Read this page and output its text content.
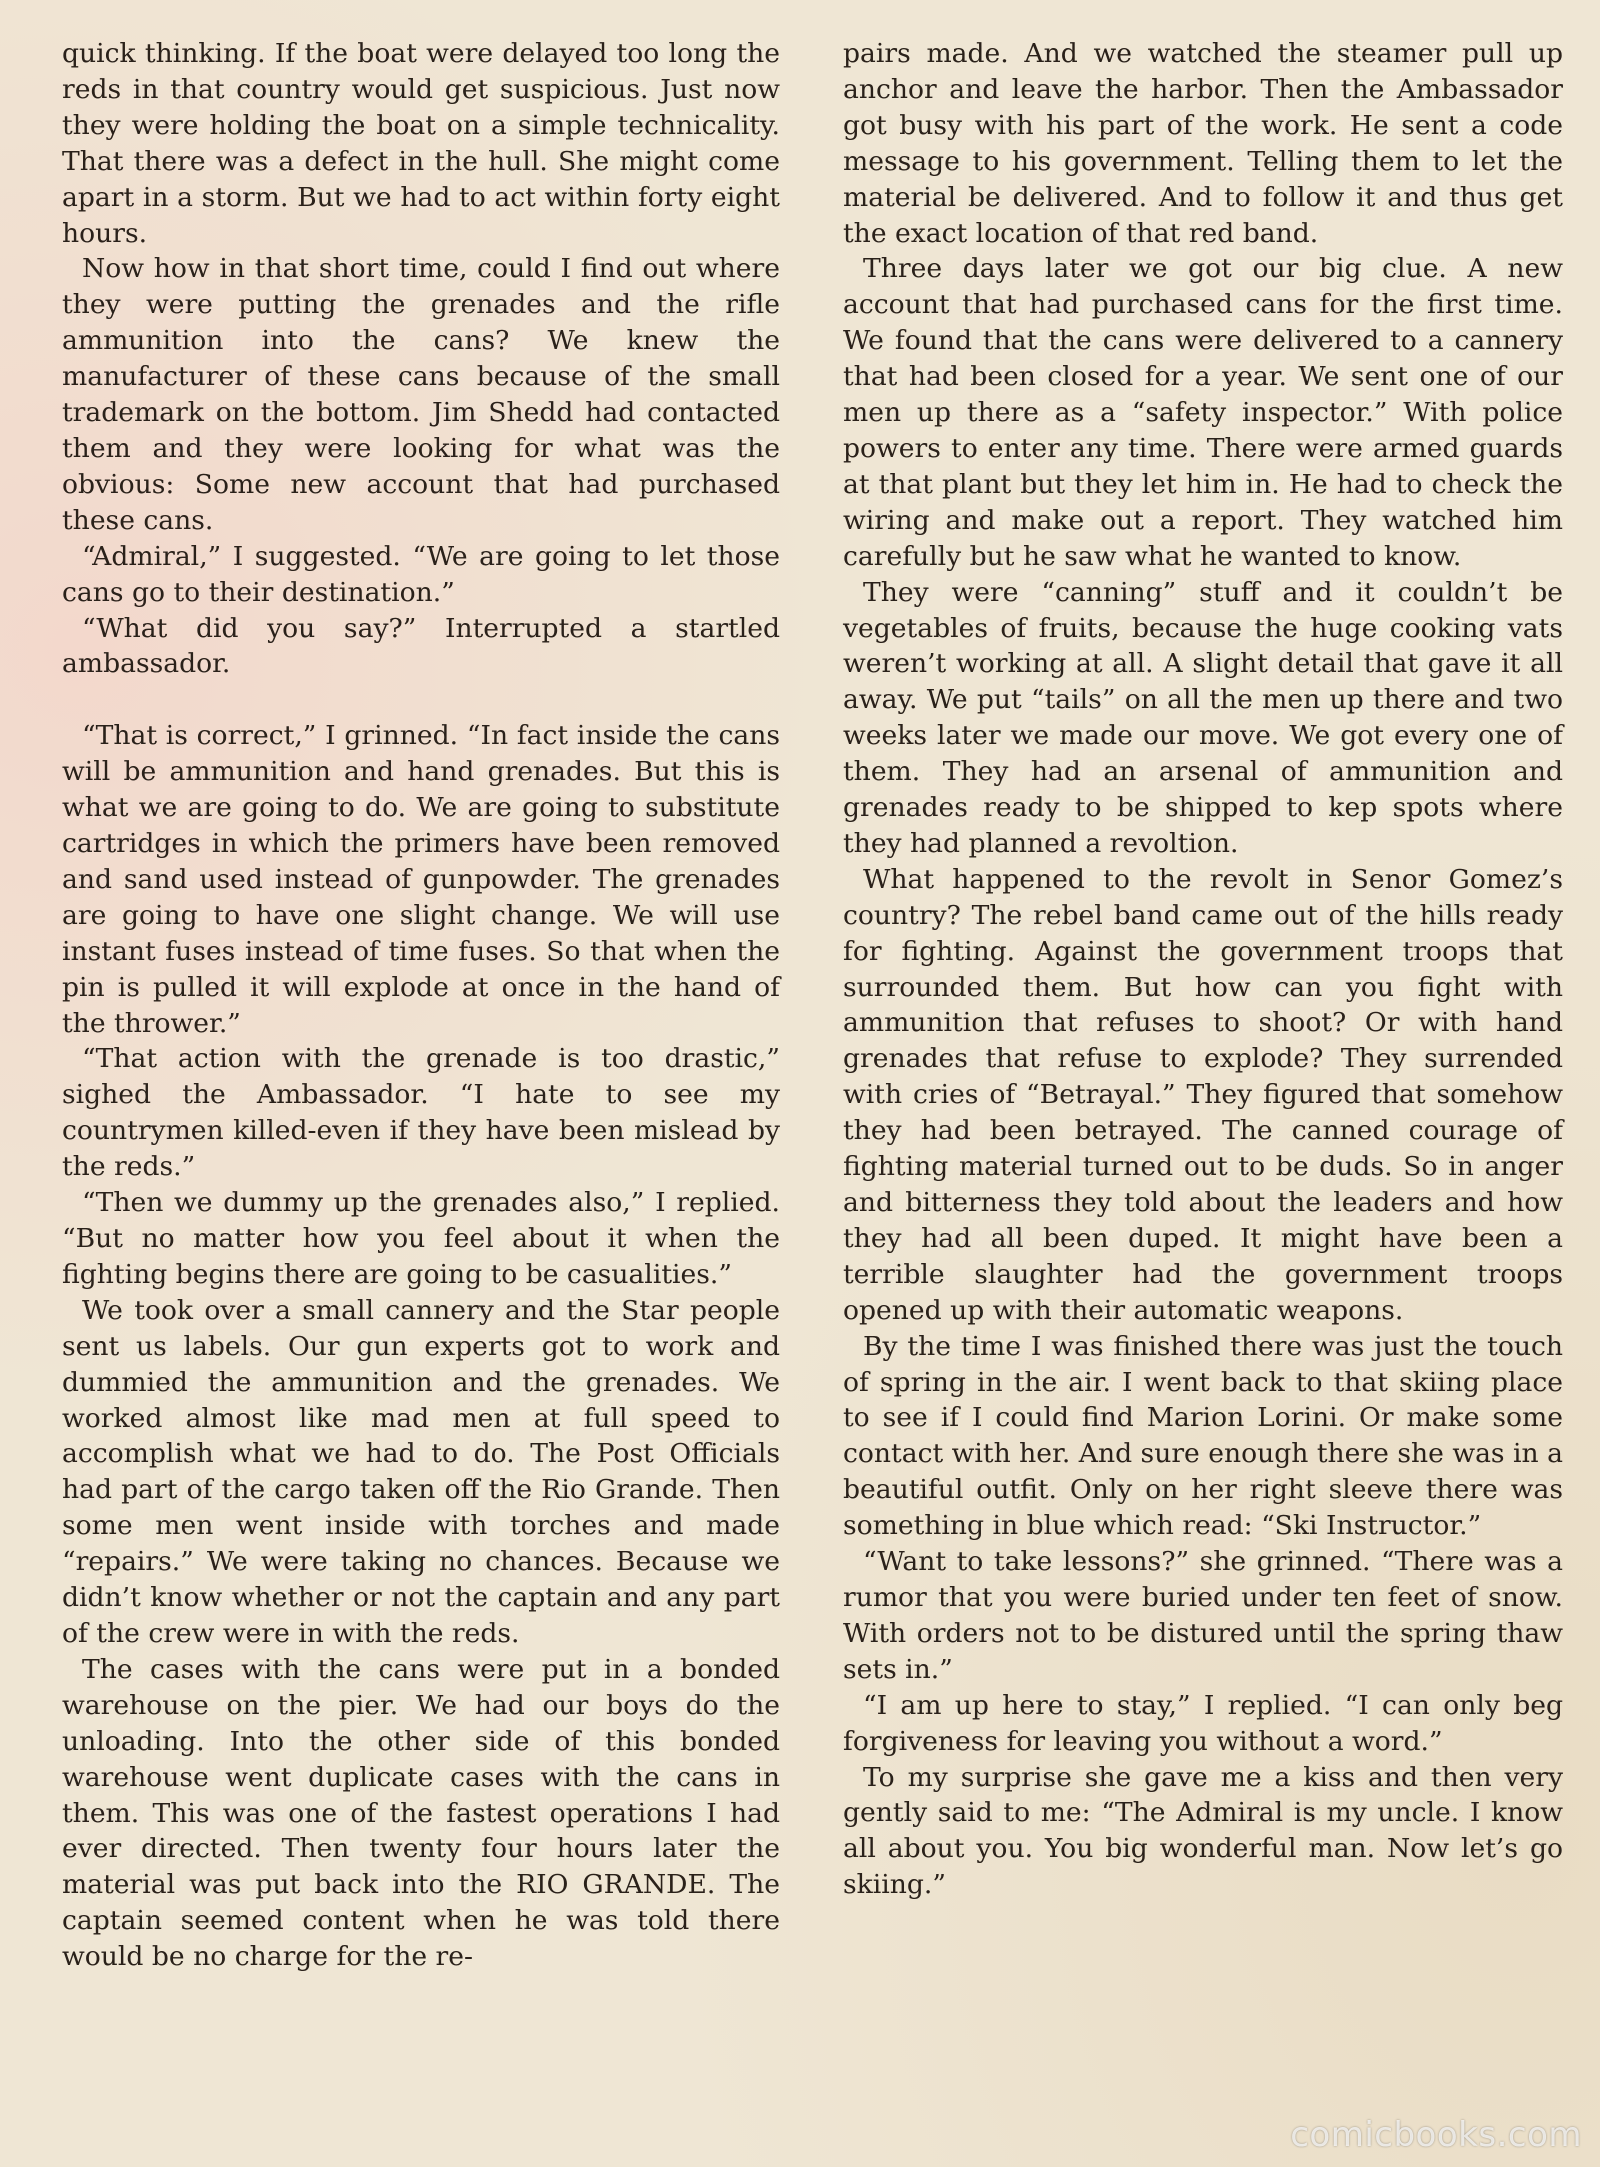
quick thinking. If the boat were delayed too long the reds in that country would get suspicious. Just now they were holding the boat on a simple technicality. That there was a defect in the hull. She might come apart in a storm. But we had to act within forty eight hours.

Now how in that short time, could I find out where they were putting the grenades and the rifle ammunition into the cans? We knew the manufacturer of these cans because of the small trademark on the bottom. Jim Shedd had contacted them and they were looking for what was the obvious: Some new account that had purchased these cans.

“Admiral,” I suggested. “We are going to let those cans go to their destination.”

“What did you say?” Interrupted a startled ambassador.

“That is correct,” I grinned. “In fact inside the cans will be ammunition and hand grenades. But this is what we are going to do. We are going to substitute cartridges in which the primers have been removed and sand used instead of gunpowder. The grenades are going to have one slight change. We will use instant fuses instead of time fuses. So that when the pin is pulled it will explode at once in the hand of the thrower.”

“That action with the grenade is too drastic,” sighed the Ambassador. “I hate to see my countrymen killed-even if they have been mislead by the reds.”

“Then we dummy up the grenades also,” I replied. “But no matter how you feel about it when the fighting begins there are going to be casualities.”

We took over a small cannery and the Star people sent us labels. Our gun experts got to work and dummied the ammunition and the grenades. We worked almost like mad men at full speed to accomplish what we had to do. The Post Officials had part of the cargo taken off the Rio Grande. Then some men went inside with torches and made “repairs.” We were taking no chances. Because we didn’t know whether or not the captain and any part of the crew were in with the reds.

The cases with the cans were put in a bonded warehouse on the pier. We had our boys do the unloading. Into the other side of this bonded warehouse went duplicate cases with the cans in them. This was one of the fastest operations I had ever directed. Then twenty four hours later the material was put back into the RIO GRANDE. The captain seemed content when he was told there would be no charge for the re-

pairs made. And we watched the steamer pull up anchor and leave the harbor. Then the Ambassador got busy with his part of the work. He sent a code message to his government. Telling them to let the material be delivered. And to follow it and thus get the exact location of that red band.

Three days later we got our big clue. A new account that had purchased cans for the first time. We found that the cans were delivered to a cannery that had been closed for a year. We sent one of our men up there as a “safety inspector.” With police powers to enter any time. There were armed guards at that plant but they let him in. He had to check the wiring and make out a report. They watched him carefully but he saw what he wanted to know.

They were “canning” stuff and it couldn’t be vegetables of fruits, because the huge cooking vats weren’t working at all. A slight detail that gave it all away. We put “tails” on all the men up there and two weeks later we made our move. We got every one of them. They had an arsenal of ammunition and grenades ready to be shipped to kep spots where they had planned a revoltion.

What happened to the revolt in Senor Gomez’s country? The rebel band came out of the hills ready for fighting. Against the government troops that surrounded them. But how can you fight with ammunition that refuses to shoot? Or with hand grenades that refuse to explode? They surrended with cries of “Betrayal.” They figured that somehow they had been betrayed. The canned courage of fighting material turned out to be duds. So in anger and bitterness they told about the leaders and how they had all been duped. It might have been a terrible slaughter had the government troops opened up with their automatic weapons.

By the time I was finished there was just the touch of spring in the air. I went back to that skiing place to see if I could find Marion Lorini. Or make some contact with her. And sure enough there she was in a beautiful outfit. Only on her right sleeve there was something in blue which read: “Ski Instructor.”

“Want to take lessons?” she grinned. “There was a rumor that you were buried under ten feet of snow. With orders not to be distured until the spring thaw sets in.”

“I am up here to stay,” I replied. “I can only beg forgiveness for leaving you without a word.”

To my surprise she gave me a kiss and then very gently said to me: “The Admiral is my uncle. I know all about you. You big wonderful man. Now let’s go skiing.”

comicbooks.com
